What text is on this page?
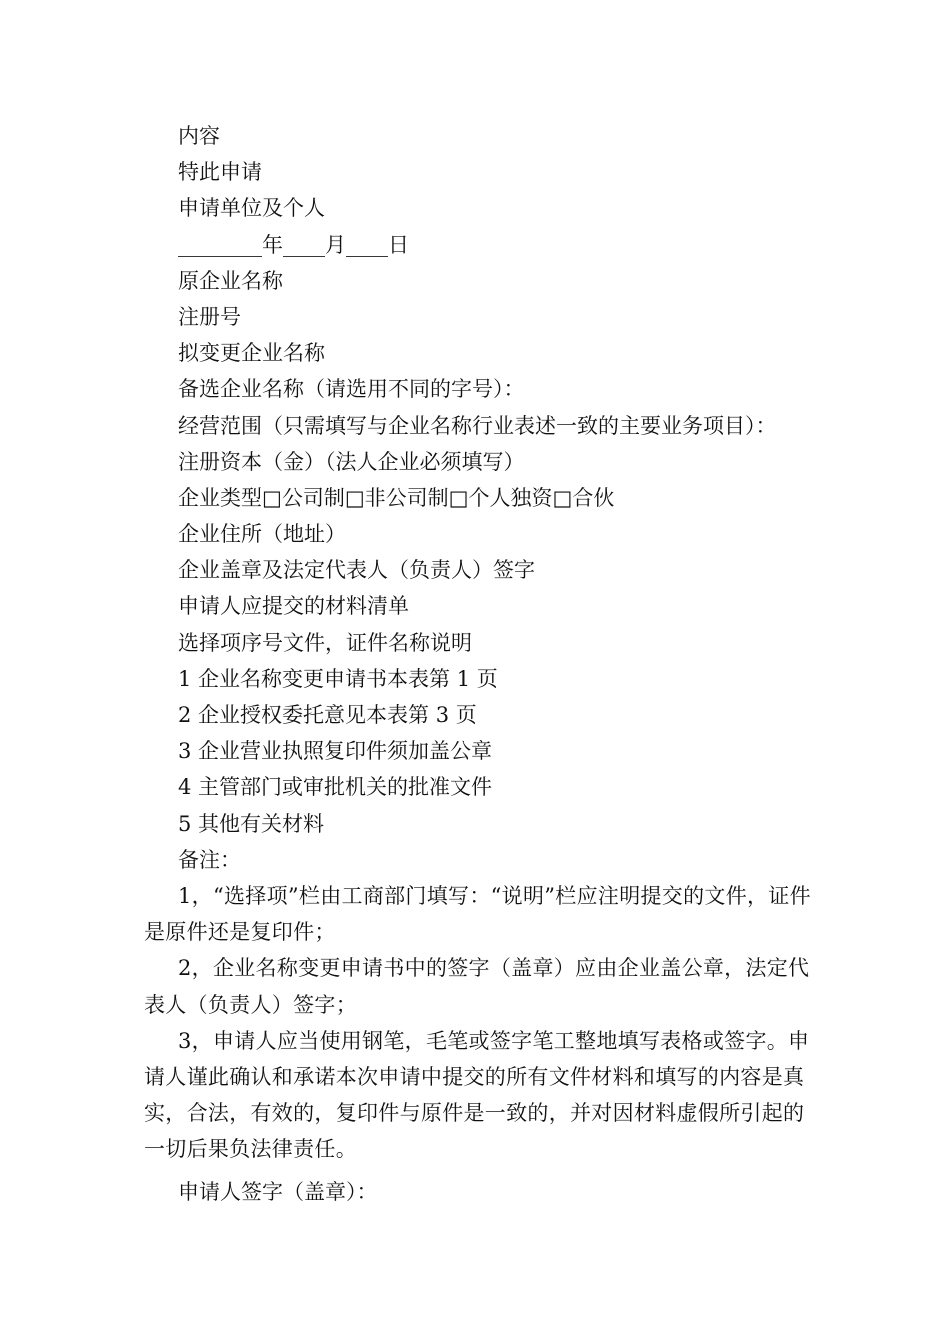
内容
特此申请
申请单位及个人
________年____月____日
原企业名称
注册号
拟变更企业名称
备选企业名称（请选用不同的字号）：
经营范围（只需填写与企业名称行业表述一致的主要业务项目）：
注册资本（金）（法人企业必须填写）
企业类型□公司制□非公司制□个人独资□合伙
企业住所（地址）
企业盖章及法定代表人（负责人）签字
申请人应提交的材料清单
选择项序号文件，证件名称说明
1 企业名称变更申请书本表第 1 页
2 企业授权委托意见本表第 3 页
3 企业营业执照复印件须加盖公章
4 主管部门或审批机关的批准文件
5 其他有关材料
备注：
1，“选择项”栏由工商部门填写：“说明”栏应注明提交的文件，证件是原件还是复印件；
2，企业名称变更申请书中的签字（盖章）应由企业盖公章，法定代表人（负责人）签字；
3，申请人应当使用钢笔，毛笔或签字笔工整地填写表格或签字。申请人谨此确认和承诺本次申请中提交的所有文件材料和填写的内容是真实，合法，有效的，复印件与原件是一致的，并对因材料虚假所引起的一切后果负法律责任。
申请人签字（盖章）：
